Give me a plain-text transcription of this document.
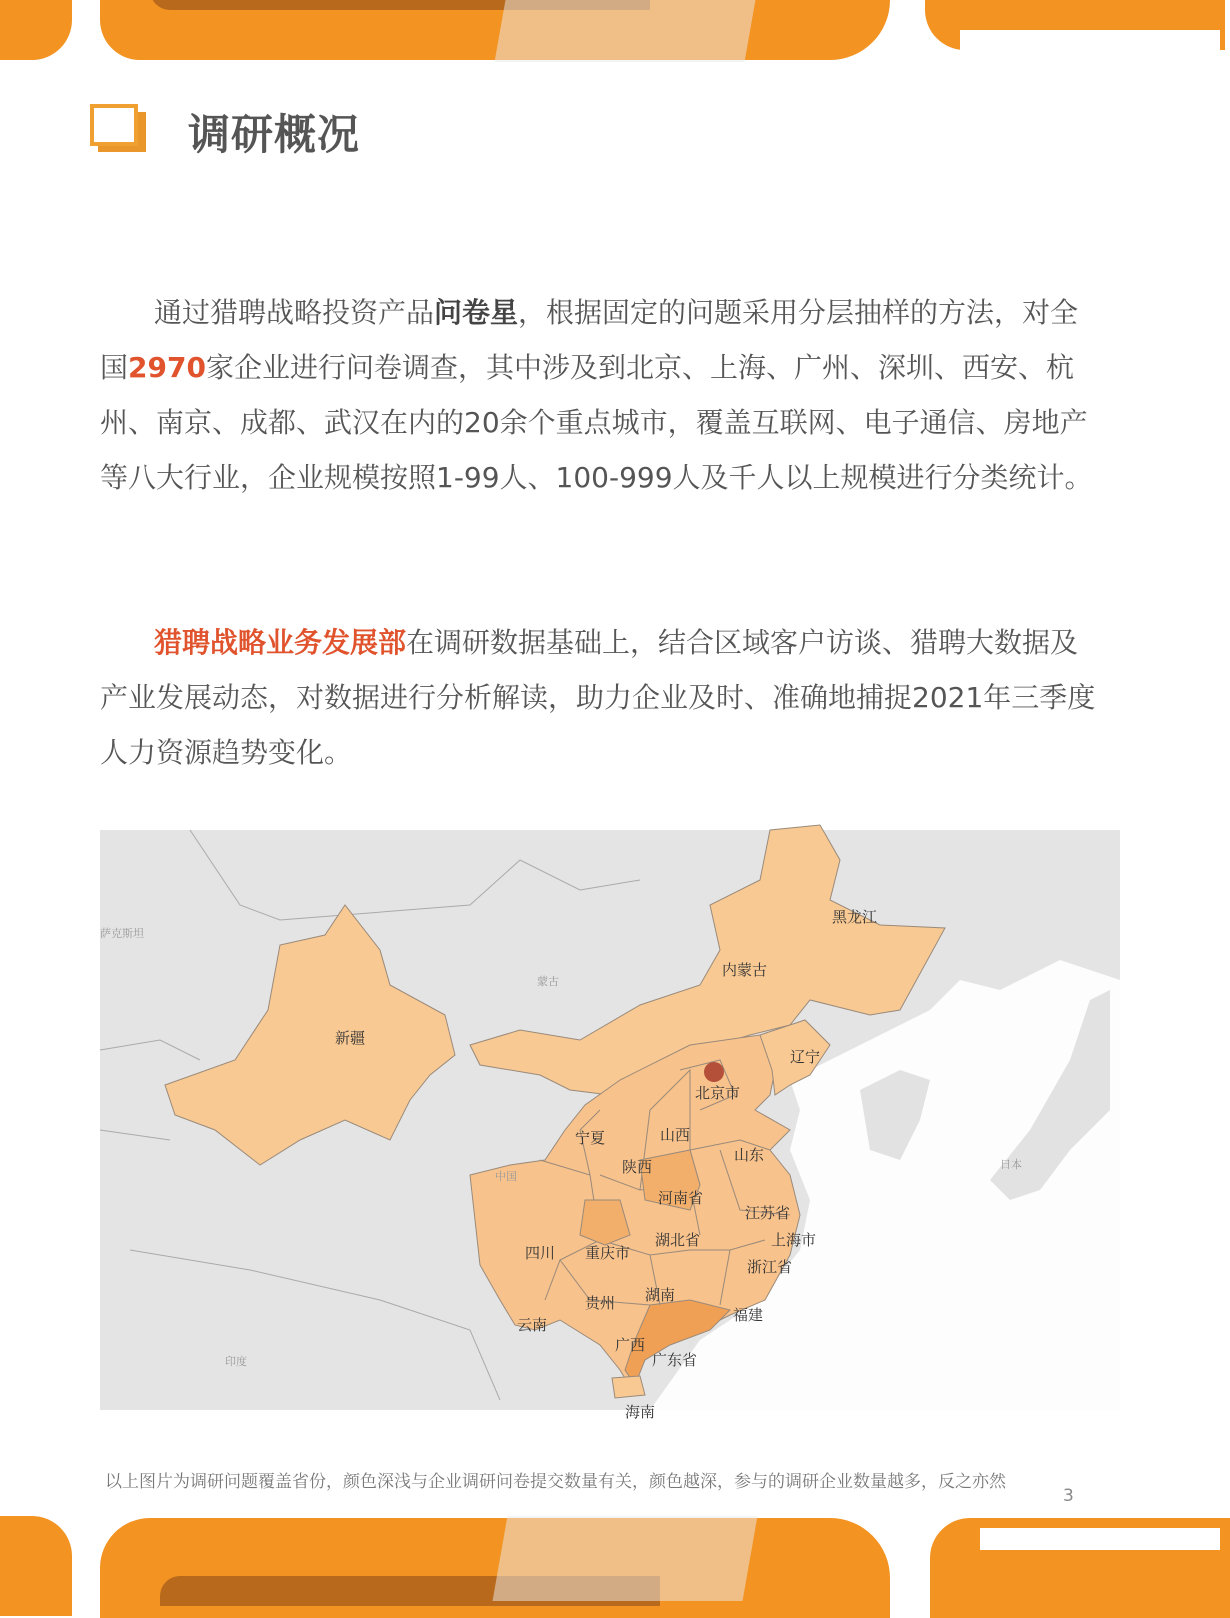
调研概况
通过猎聘战略投资产品问卷星，根据固定的问题采用分层抽样的方法，对全国2970家企业进行问卷调查，其中涉及到北京、上海、广州、深圳、西安、杭州、南京、成都、武汉在内的20余个重点城市，覆盖互联网、电子通信、房地产等八大行业，企业规模按照1-99人、100-999人及千人以上规模进行分类统计。
猎聘战略业务发展部在调研数据基础上，结合区域客户访谈、猎聘大数据及产业发展动态，对数据进行分析解读，助力企业及时、准确地捕捉2021年三季度人力资源趋势变化。
新疆
内蒙古
黑龙江
辽宁
北京市
宁夏	山西
陕西
山东
河南省
江苏省
上海市
湖北省
四川 重庆市
浙江省
贵州 湖南
云南
福建
广西
广东省
海南
萨克斯坦
蒙古
中国
印度
日本
以上图片为调研问题覆盖省份，颜色深浅与企业调研问卷提交数量有关，颜色越深，参与的调研企业数量越多，反之亦然
3
